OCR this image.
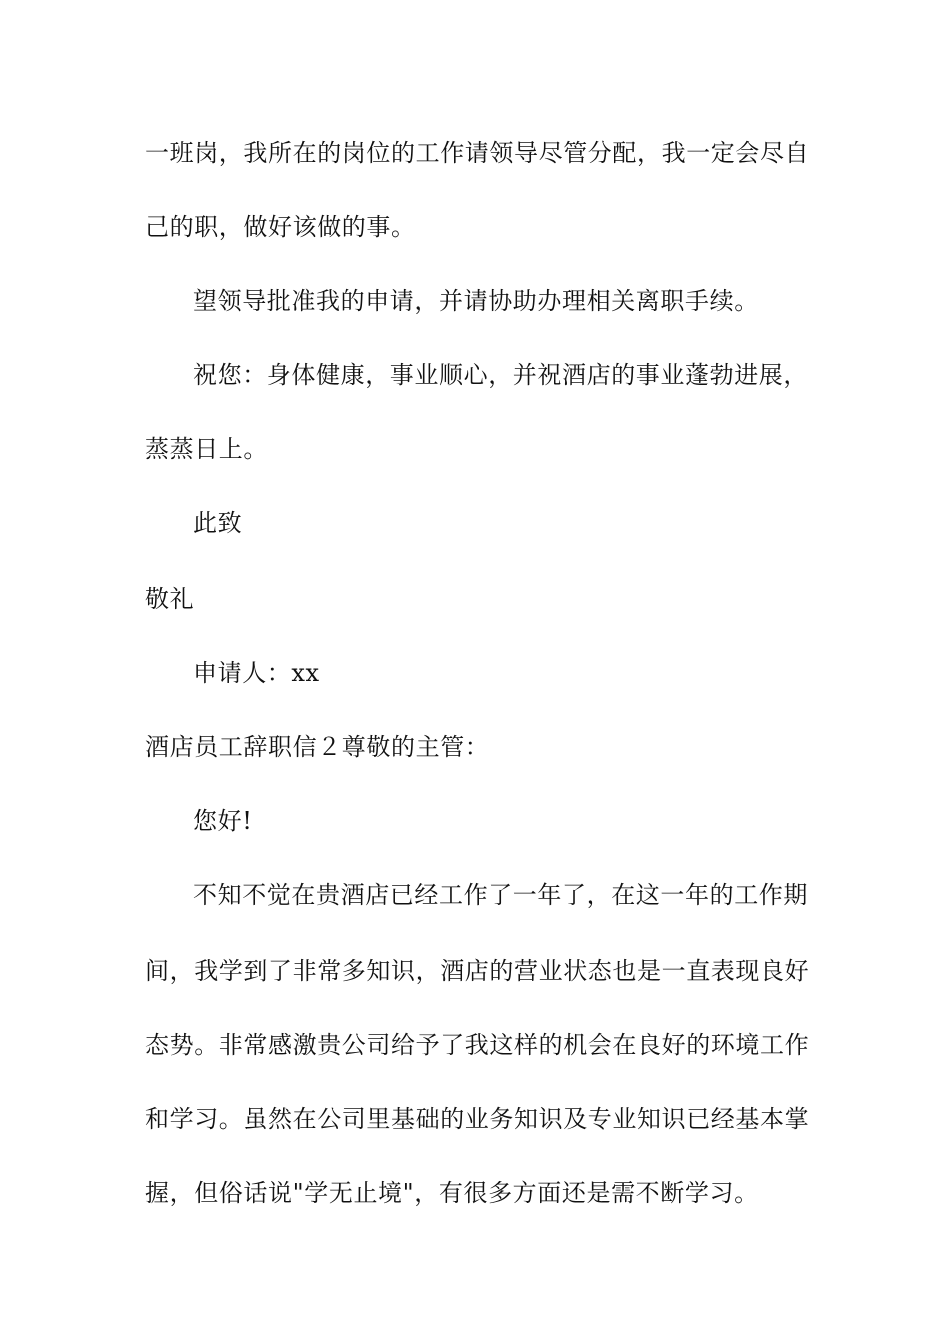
一班岗，我所在的岗位的工作请领导尽管分配，我一定会尽自
己的职，做好该做的事。
望领导批准我的申请，并请协助办理相关离职手续。
祝您：身体健康，事业顺心，并祝酒店的事业蓬勃进展，
蒸蒸日上。
此致
敬礼
申请人：xx
酒店员工辞职信２尊敬的主管：
您好!
不知不觉在贵酒店已经工作了一年了，在这一年的工作期
间，我学到了非常多知识，酒店的营业状态也是一直表现良好
态势。非常感激贵公司给予了我这样的机会在良好的环境工作
和学习。虽然在公司里基础的业务知识及专业知识已经基本掌
握，但俗话说"学无止境"，有很多方面还是需不断学习。
